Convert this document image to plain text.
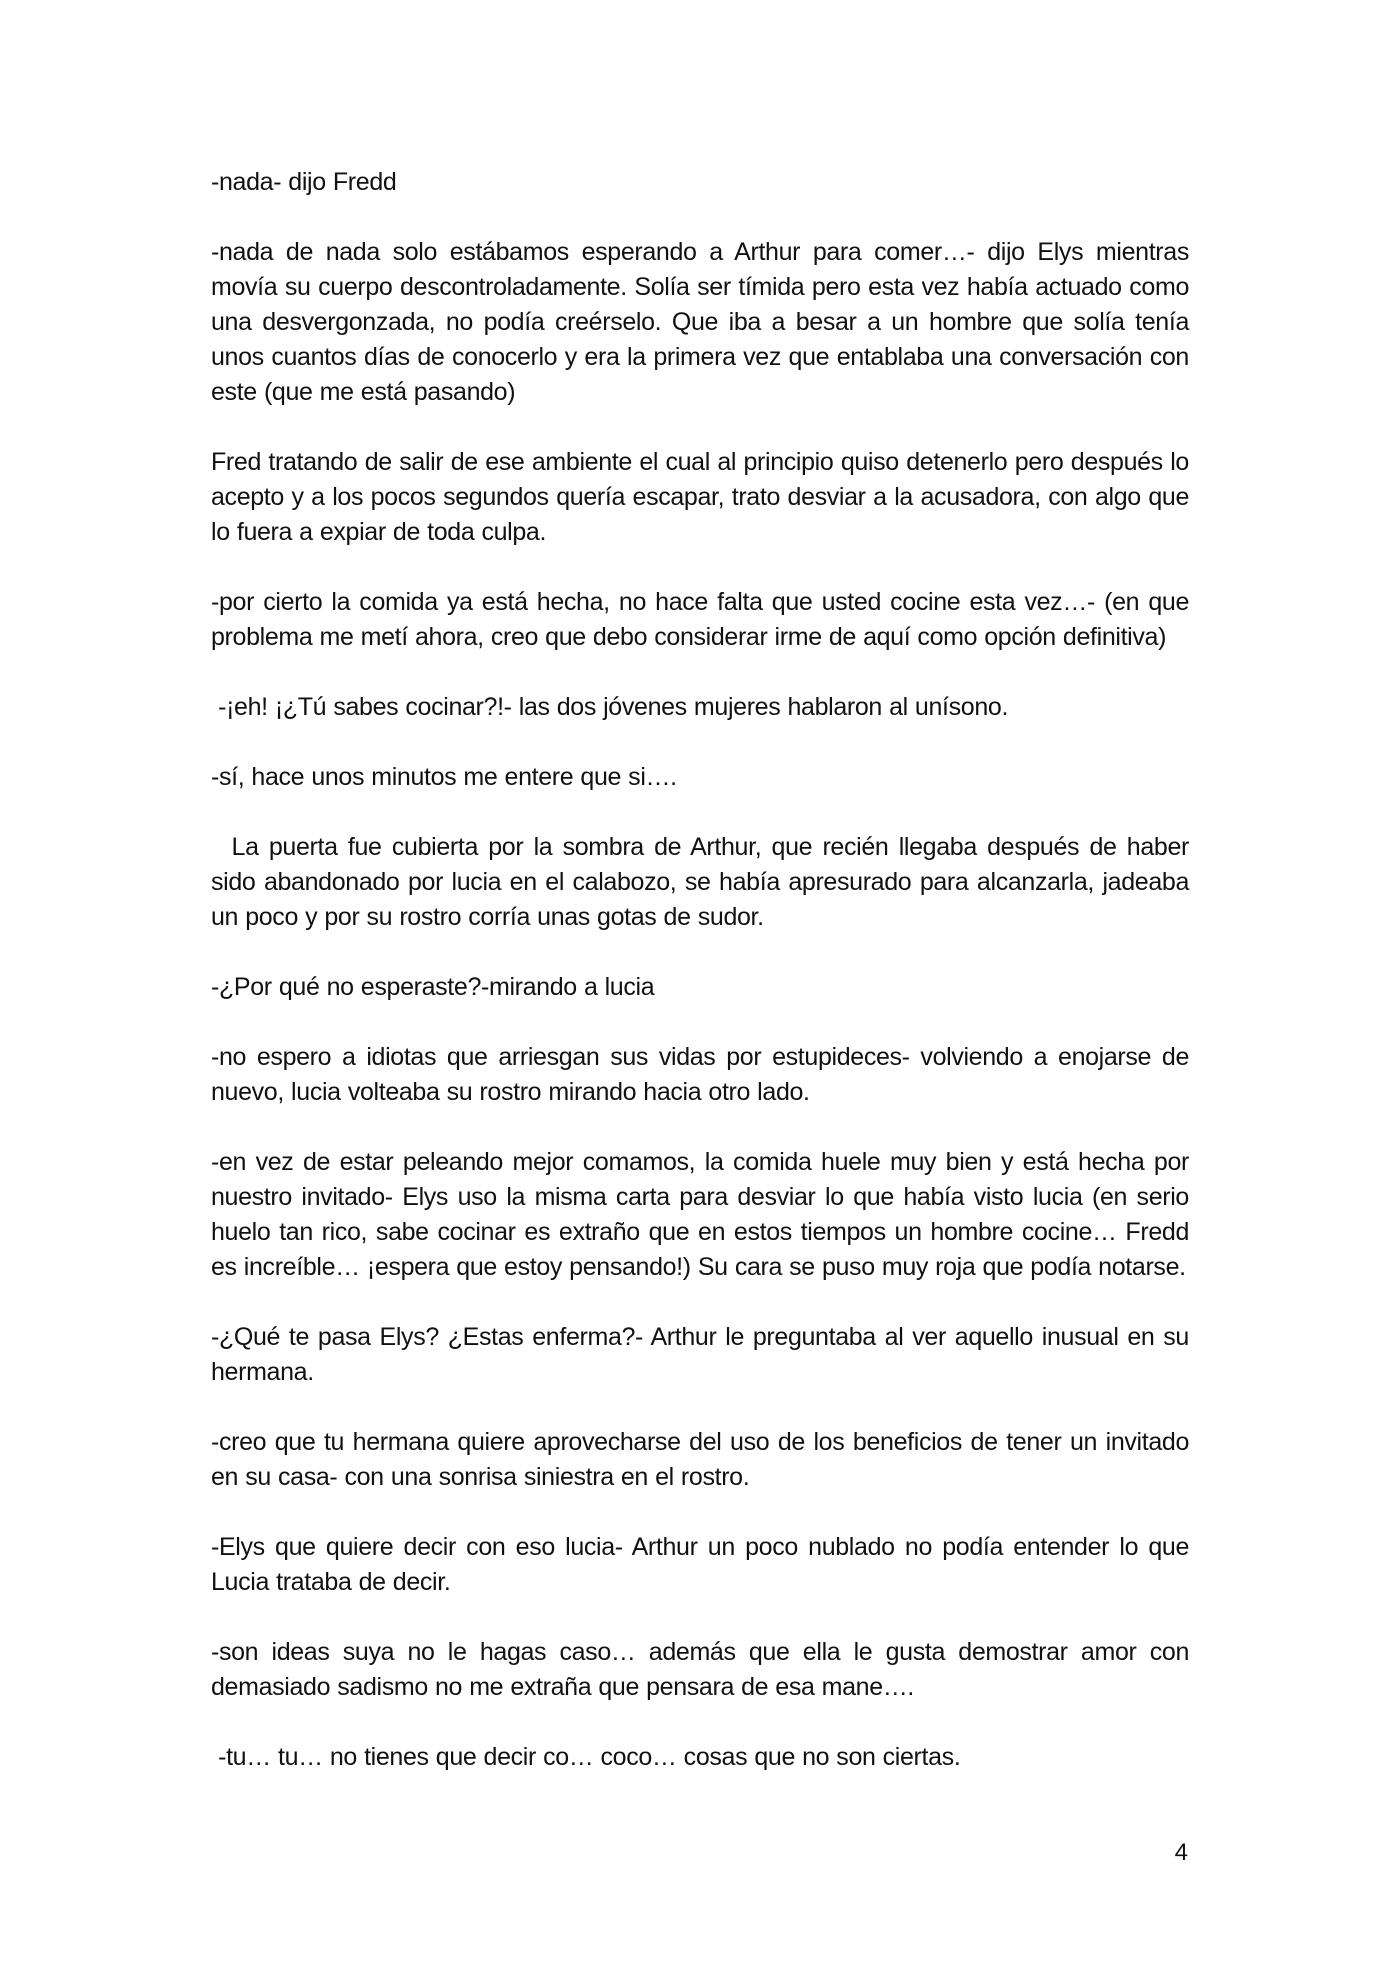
-nada- dijo Fredd

-nada de nada solo estábamos esperando a Arthur para comer…- dijo Elys mientras movía su cuerpo descontroladamente. Solía ser tímida pero esta vez había actuado como una desvergonzada, no podía creérselo. Que iba a besar a un hombre que solía tenía unos cuantos días de conocerlo y era la primera vez que entablaba una conversación con este (que me está pasando)

Fred tratando de salir de ese ambiente el cual al principio quiso detenerlo pero después lo acepto y a los pocos segundos quería escapar, trato desviar a la acusadora, con algo que lo fuera a expiar de toda culpa.

-por cierto la comida ya está hecha, no hace falta que usted cocine esta vez…- (en que problema me metí ahora, creo que debo considerar irme de aquí como opción definitiva)

-¡eh! ¡¿Tú sabes cocinar?!- las dos jóvenes mujeres hablaron al unísono.

-sí, hace unos minutos me entere que si….

La puerta fue cubierta por la sombra de Arthur, que recién llegaba después de haber sido abandonado por lucia en el calabozo, se había apresurado para alcanzarla, jadeaba un poco y por su rostro corría unas gotas de sudor.

-¿Por qué no esperaste?-mirando a lucia

-no espero a idiotas que arriesgan sus vidas por estupideces- volviendo a enojarse de nuevo, lucia volteaba su rostro mirando hacia otro lado.

-en vez de estar peleando mejor comamos, la comida huele muy bien y está hecha por nuestro invitado- Elys uso la misma carta para desviar lo que había visto lucia (en serio huelo tan rico, sabe cocinar es extraño que en estos tiempos un hombre cocine… Fredd es increíble… ¡espera que estoy pensando!) Su cara se puso muy roja que podía notarse.

-¿Qué te pasa Elys? ¿Estas enferma?- Arthur le preguntaba al ver aquello inusual en su hermana.

-creo que tu hermana quiere aprovecharse del uso de los beneficios de tener un invitado en su casa- con una sonrisa siniestra en el rostro.

-Elys que quiere decir con eso lucia- Arthur un poco nublado no podía entender lo que Lucia trataba de decir.

-son ideas suya no le hagas caso… además que ella le gusta demostrar amor con demasiado sadismo no me extraña que pensara de esa mane….

-tu… tu… no tienes que decir co… coco… cosas que no son ciertas.

4
